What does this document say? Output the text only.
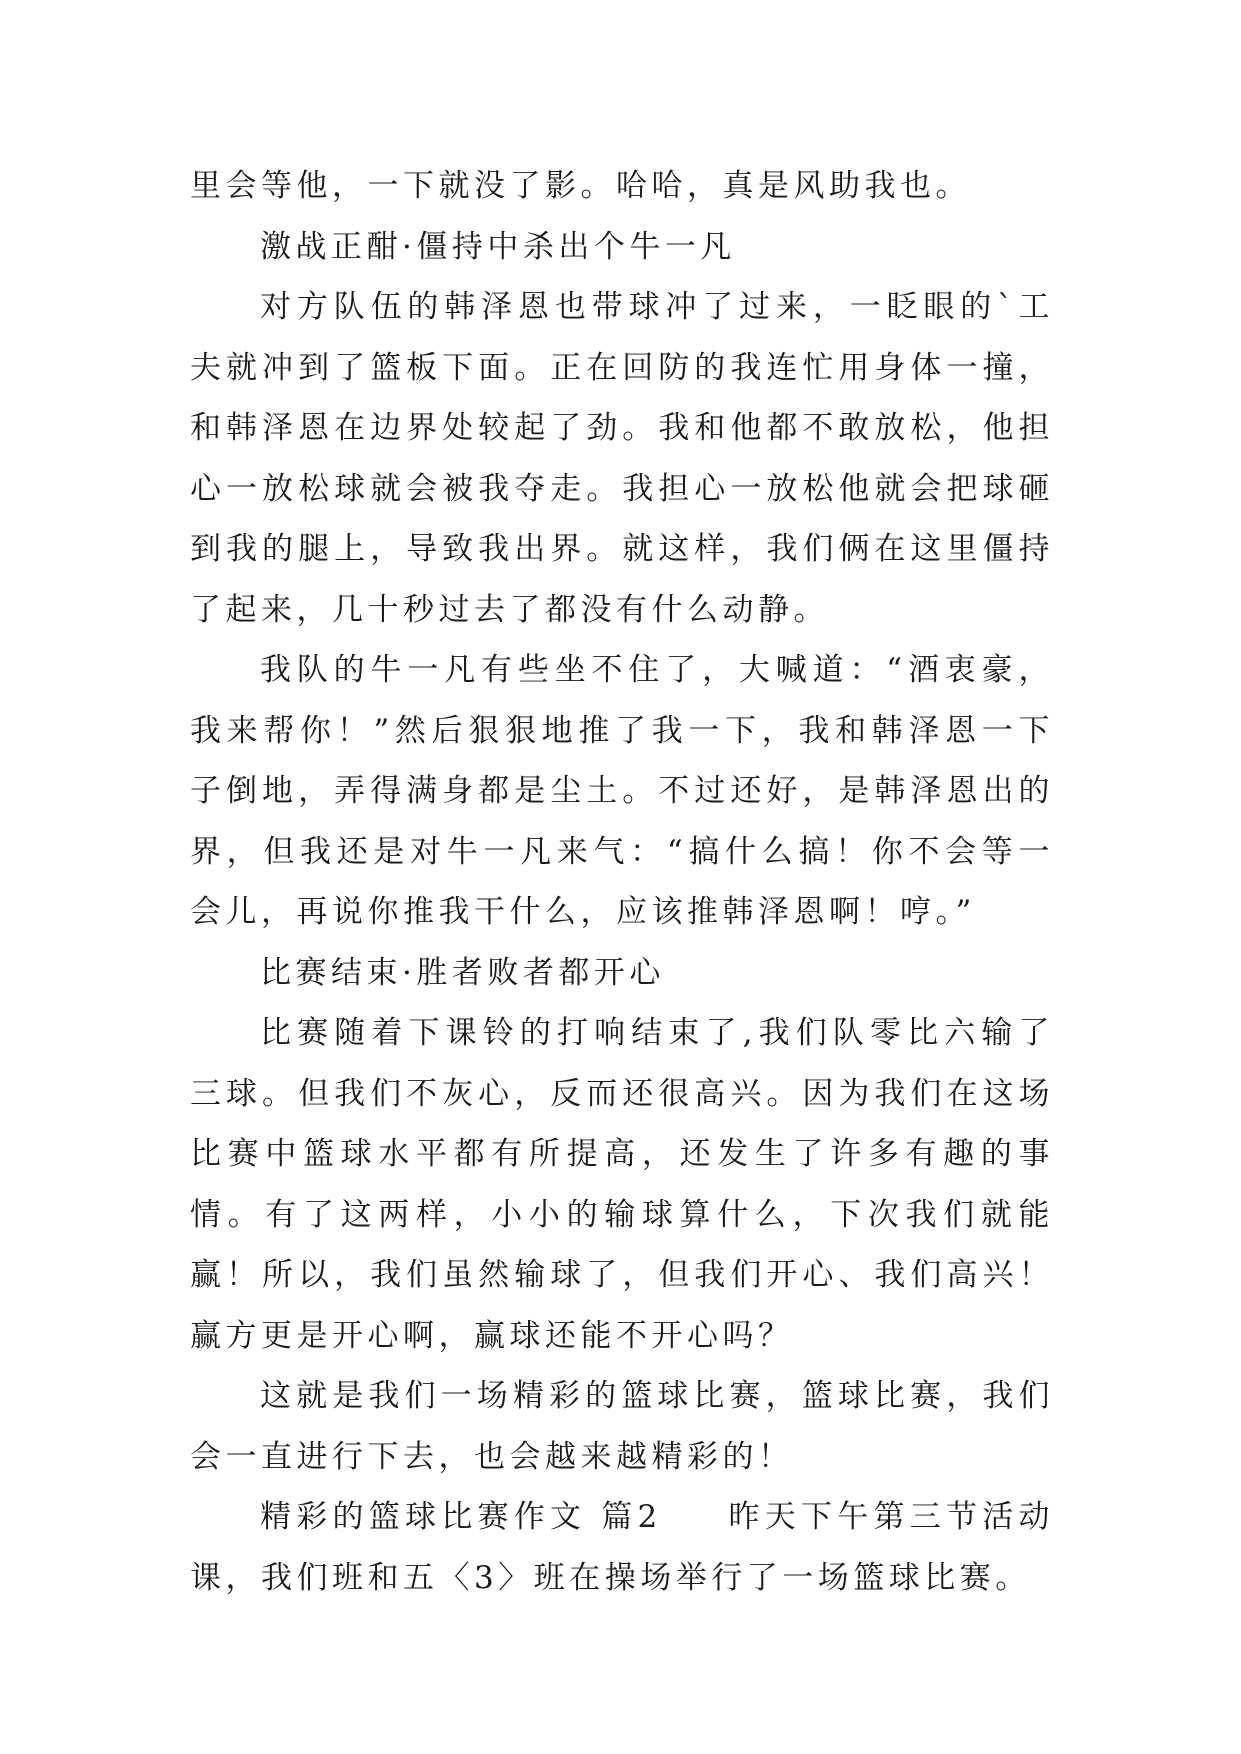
里会等他，一下就没了影。哈哈，真是风助我也。

激战正酣·僵持中杀出个牛一凡

对方队伍的韩泽恩也带球冲了过来，一眨眼的`工夫就冲到了篮板下面。正在回防的我连忙用身体一撞，和韩泽恩在边界处较起了劲。我和他都不敢放松，他担心一放松球就会被我夺走。我担心一放松他就会把球砸到我的腿上，导致我出界。就这样，我们俩在这里僵持了起来，几十秒过去了都没有什么动静。

我队的牛一凡有些坐不住了，大喊道：“酒衷豪，我来帮你！”然后狠狠地推了我一下，我和韩泽恩一下子倒地，弄得满身都是尘土。不过还好，是韩泽恩出的界，但我还是对牛一凡来气：“搞什么搞！你不会等一会儿，再说你推我干什么，应该推韩泽恩啊！哼。”

比赛结束·胜者败者都开心

比赛随着下课铃的打响结束了,我们队零比六输了三球。但我们不灰心，反而还很高兴。因为我们在这场比赛中篮球水平都有所提高，还发生了许多有趣的事情。有了这两样，小小的输球算什么，下次我们就能赢！所以，我们虽然输球了，但我们开心、我们高兴！赢方更是开心啊，赢球还能不开心吗？

这就是我们一场精彩的篮球比赛，篮球比赛，我们会一直进行下去，也会越来越精彩的！

精彩的篮球比赛作文 篇2 昨天下午第三节活动课，我们班和五〈3〉班在操场举行了一场篮球比赛。
